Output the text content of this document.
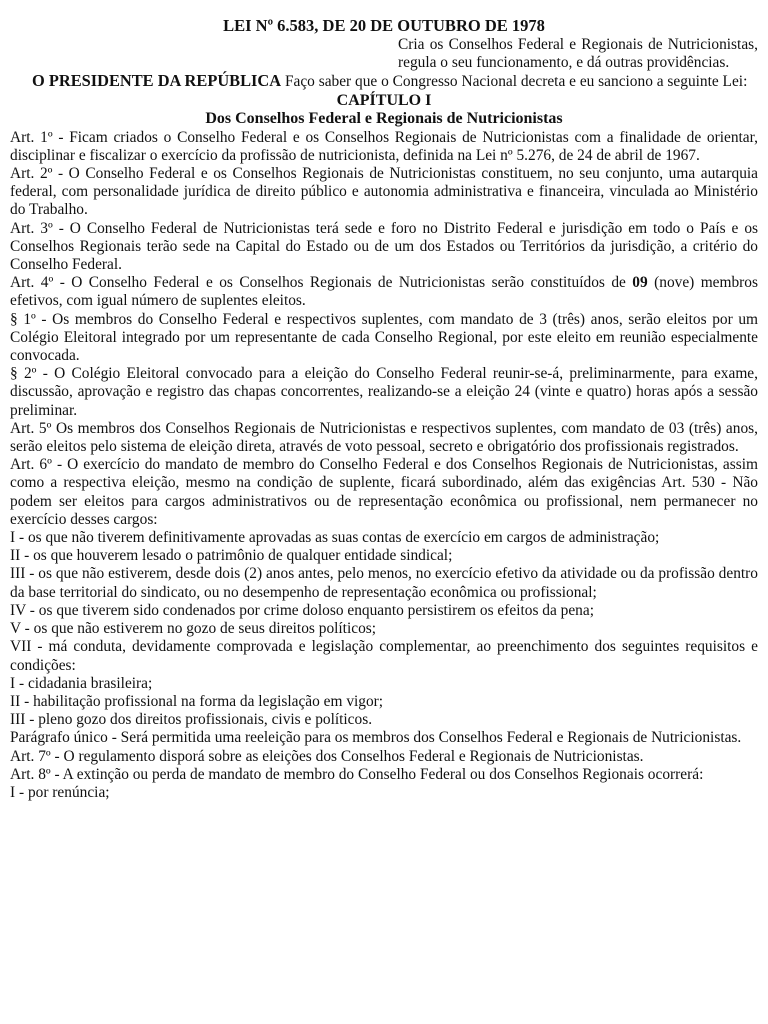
LEI Nº 6.583, DE 20 DE OUTUBRO DE 1978

Cria os Conselhos Federal e Regionais de Nutricionistas, regula o seu funcionamento, e dá outras providências.

O PRESIDENTE DA REPÚBLICA Faço saber que o Congresso Nacional decreta e eu sanciono a seguinte Lei:

CAPÍTULO I

Dos Conselhos Federal e Regionais de Nutricionistas

Art. 1º - Ficam criados o Conselho Federal e os Conselhos Regionais de Nutricionistas com a finalidade de orientar, disciplinar e fiscalizar o exercício da profissão de nutricionista, definida na Lei nº 5.276, de 24 de abril de 1967.

Art. 2º - O Conselho Federal e os Conselhos Regionais de Nutricionistas constituem, no seu conjunto, uma autarquia federal, com personalidade jurídica de direito público e autonomia administrativa e financeira, vinculada ao Ministério do Trabalho.

Art. 3º - O Conselho Federal de Nutricionistas terá sede e foro no Distrito Federal e jurisdição em todo o País e os Conselhos Regionais terão sede na Capital do Estado ou de um dos Estados ou Territórios da jurisdição, a critério do Conselho Federal.

Art. 4º - O Conselho Federal e os Conselhos Regionais de Nutricionistas serão constituídos de 09 (nove) membros efetivos, com igual número de suplentes eleitos.

§ 1º - Os membros do Conselho Federal e respectivos suplentes, com mandato de 3 (três) anos, serão eleitos por um Colégio Eleitoral integrado por um representante de cada Conselho Regional, por este eleito em reunião especialmente convocada.

§ 2º - O Colégio Eleitoral convocado para a eleição do Conselho Federal reunir-se-á, preliminarmente, para exame, discussão, aprovação e registro das chapas concorrentes, realizando-se a eleição 24 (vinte e quatro) horas após a sessão preliminar.

Art. 5º Os membros dos Conselhos Regionais de Nutricionistas e respectivos suplentes, com mandato de 03 (três) anos, serão eleitos pelo sistema de eleição direta, através de voto pessoal, secreto e obrigatório dos profissionais registrados.

Art. 6º - O exercício do mandato de membro do Conselho Federal e dos Conselhos Regionais de Nutricionistas, assim como a respectiva eleição, mesmo na condição de suplente, ficará subordinado, além das exigências Art. 530 - Não podem ser eleitos para cargos administrativos ou de representação econômica ou profissional, nem permanecer no exercício desses cargos:

I - os que não tiverem definitivamente aprovadas as suas contas de exercício em cargos de administração;

II - os que houverem lesado o patrimônio de qualquer entidade sindical;

III - os que não estiverem, desde dois (2) anos antes, pelo menos, no exercício efetivo da atividade ou da profissão dentro da base territorial do sindicato, ou no desempenho de representação econômica ou profissional;

IV - os que tiverem sido condenados por crime doloso enquanto persistirem os efeitos da pena;

V - os que não estiverem no gozo de seus direitos políticos;

VII - má conduta, devidamente comprovada e legislação complementar, ao preenchimento dos seguintes requisitos e condições:

I - cidadania brasileira;

II - habilitação profissional na forma da legislação em vigor;

III - pleno gozo dos direitos profissionais, civis e políticos.

Parágrafo único - Será permitida uma reeleição para os membros dos Conselhos Federal e Regionais de Nutricionistas.

Art. 7º - O regulamento disporá sobre as eleições dos Conselhos Federal e Regionais de Nutricionistas.

Art. 8º - A extinção ou perda de mandato de membro do Conselho Federal ou dos Conselhos Regionais ocorrerá:

I - por renúncia;
